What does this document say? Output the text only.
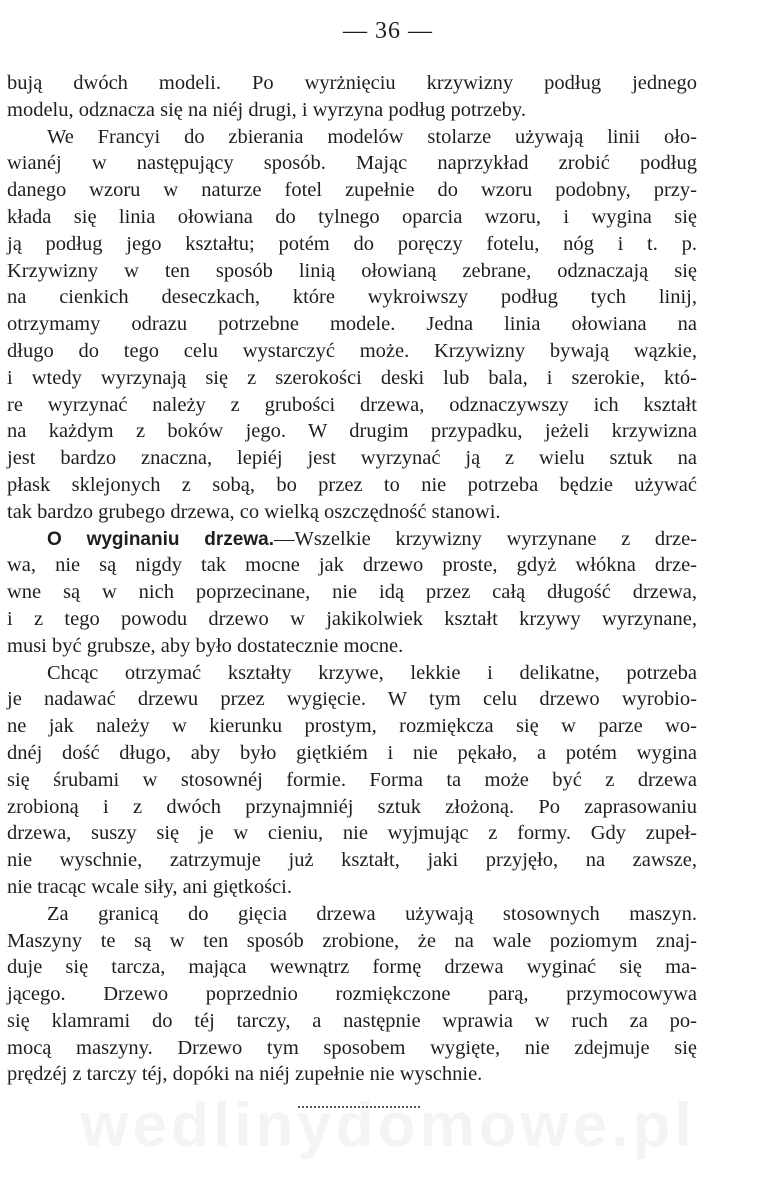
— 36 —
bują dwóch modeli. Po wyrżnięciu krzywizny podług jednego
modelu, odznacza się na niéj drugi, i wyrzyna podług potrzeby.
We Francyi do zbierania modelów stolarze używają linii oło-
wianéj w następujący sposób. Mając naprzykład zrobić podług
danego wzoru w naturze fotel zupełnie do wzoru podobny, przy-
kłada się linia ołowiana do tylnego oparcia wzoru, i wygina się
ją podług jego kształtu; potém do poręczy fotelu, nóg i t. p.
Krzywizny w ten sposób linią ołowianą zebrane, odznaczają się
na cienkich deseczkach, które wykroiwszy podług tych linij,
otrzymamy odrazu potrzebne modele. Jedna linia ołowiana na
długo do tego celu wystarczyć może. Krzywizny bywają wązkie,
i wtedy wyrzynają się z szerokości deski lub bala, i szerokie, któ-
re wyrzynać należy z grubości drzewa, odznaczywszy ich kształt
na każdym z boków jego. W drugim przypadku, jeżeli krzywizna
jest bardzo znaczna, lepiéj jest wyrzynać ją z wielu sztuk na
płask sklejonych z sobą, bo przez to nie potrzeba będzie używać
tak bardzo grubego drzewa, co wielką oszczędność stanowi.
O wyginaniu drzewa.—Wszelkie krzywizny wyrzynane z drze-
wa, nie są nigdy tak mocne jak drzewo proste, gdyż włókna drze-
wne są w nich poprzecinane, nie idą przez całą długość drzewa,
i z tego powodu drzewo w jakikolwiek kształt krzywy wyrzynane,
musi być grubsze, aby było dostatecznie mocne.
Chcąc otrzymać kształty krzywe, lekkie i delikatne, potrzeba
je nadawać drzewu przez wygięcie. W tym celu drzewo wyrobio-
ne jak należy w kierunku prostym, rozmiękcza się w parze wo-
dnéj dość długo, aby było giętkiém i nie pękało, a potém wygina
się śrubami w stosownéj formie. Forma ta może być z drzewa
zrobioną i z dwóch przynajmniéj sztuk złożoną. Po zaprasowaniu
drzewa, suszy się je w cieniu, nie wyjmując z formy. Gdy zupeł-
nie wyschnie, zatrzymuje już kształt, jaki przyjęło, na zawsze,
nie tracąc wcale siły, ani giętkości.
Za granicą do gięcia drzewa używają stosownych maszyn.
Maszyny te są w ten sposób zrobione, że na wale poziomym znaj-
duje się tarcza, mająca wewnątrz formę drzewa wyginać się ma-
jącego. Drzewo poprzednio rozmiękczone parą, przymocowywa
się klamrami do téj tarczy, a następnie wprawia w ruch za po-
mocą maszyny. Drzewo tym sposobem wygięte, nie zdejmuje się
prędzéj z tarczy téj, dopóki na niéj zupełnie nie wyschnie.
